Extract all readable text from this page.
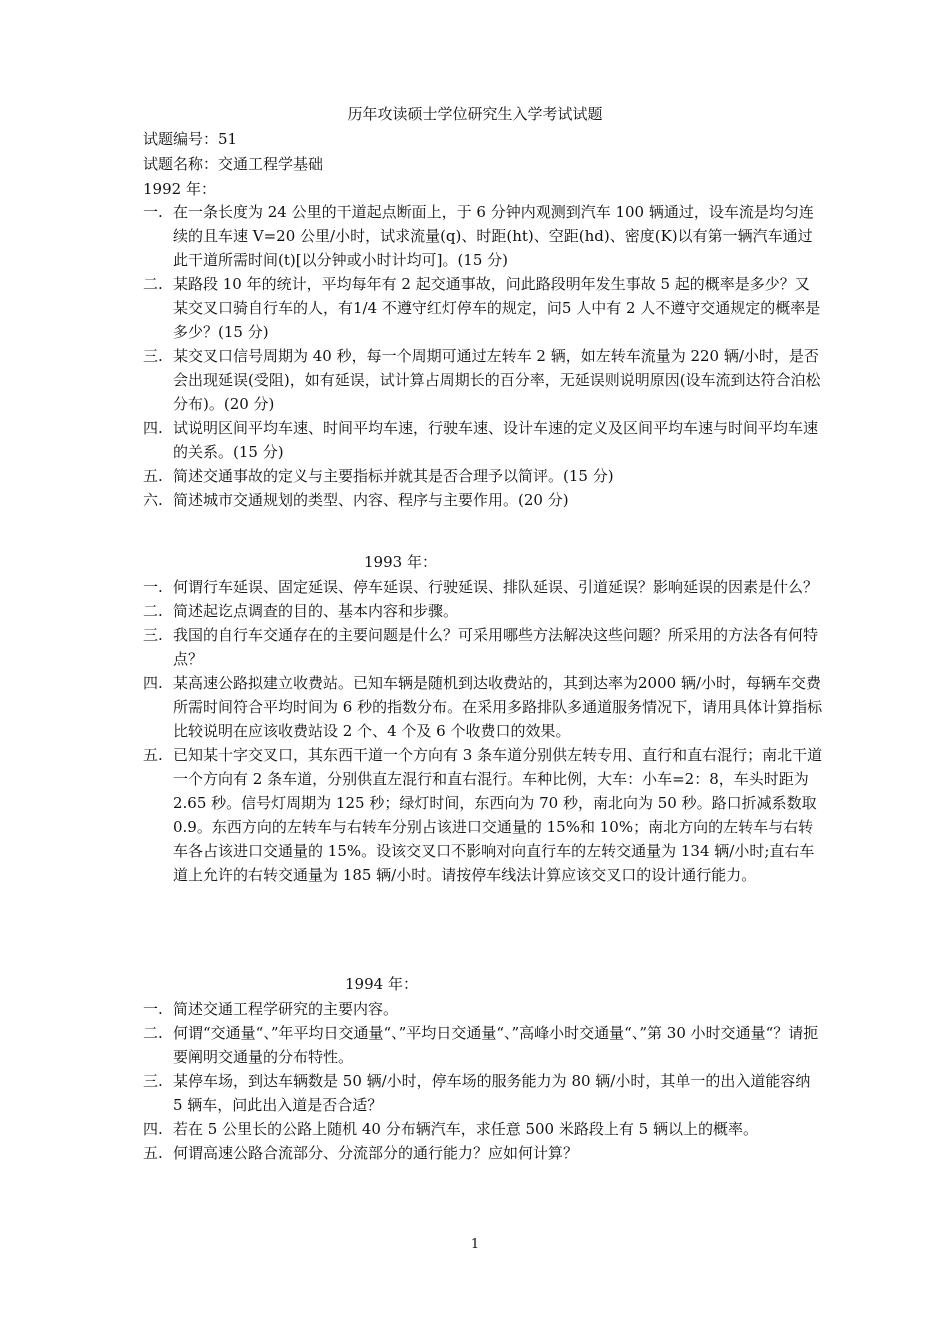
历年攻读硕士学位研究生入学考试试题
试题编号：51
试题名称：交通工程学基础
1992 年：

一. 在一条长度为 24 公里的干道起点断面上，于 6 分钟内观测到汽车 100 辆通过，设车流是均匀连续的且车速 V=20 公里/小时，试求流量(q)、时距(ht)、空距(hd)、密度(K)以有第一辆汽车通过此干道所需时间(t)[以分钟或小时计均可]。(15 分)

二. 某路段 10 年的统计，平均每年有 2 起交通事故，问此路段明年发生事故 5 起的概率是多少？又某交叉口骑自行车的人，有1/4 不遵守红灯停车的规定，问5 人中有 2 人不遵守交通规定的概率是多少？(15 分)

三. 某交叉口信号周期为 40 秒，每一个周期可通过左转车 2 辆，如左转车流量为 220 辆/小时，是否会出现延误(受阻)，如有延误，试计算占周期长的百分率，无延误则说明原因(设车流到达符合泊松分布)。(20 分)

四. 试说明区间平均车速、时间平均车速，行驶车速、设计车速的定义及区间平均车速与时间平均车速的关系。(15 分)

五. 简述交通事故的定义与主要指标并就其是否合理予以简评。(15 分)

六. 简述城市交通规划的类型、内容、程序与主要作用。(20 分)

1993 年：

一. 何谓行车延误、固定延误、停车延误、行驶延误、排队延误、引道延误？影响延误的因素是什么？

二. 简述起讫点调查的目的、基本内容和步骤。

三. 我国的自行车交通存在的主要问题是什么？可采用哪些方法解决这些问题？所采用的方法各有何特点？

四. 某高速公路拟建立收费站。已知车辆是随机到达收费站的，其到达率为2000 辆/小时，每辆车交费所需时间符合平均时间为 6 秒的指数分布。在采用多路排队多通道服务情况下，请用具体计算指标比较说明在应该收费站设 2 个、4 个及 6 个收费口的效果。

五. 已知某十字交叉口，其东西干道一个方向有 3 条车道分别供左转专用、直行和直右混行；南北干道一个方向有 2 条车道，分别供直左混行和直右混行。车种比例，大车：小车=2：8，车头时距为 2.65 秒。信号灯周期为 125 秒；绿灯时间，东西向为 70 秒，南北向为 50 秒。路口折减系数取 0.9。东西方向的左转车与右转车分别占该进口交通量的 15%和 10%；南北方向的左转车与右转车各占该进口交通量的 15%。设该交叉口不影响对向直行车的左转交通量为 134 辆/小时;直右车道上允许的右转交通量为 185 辆/小时。请按停车线法计算应该交叉口的设计通行能力。

1994 年：

一. 简述交通工程学研究的主要内容。

二. 何谓“交通量“、”年平均日交通量“、”平均日交通量“、”高峰小时交通量“、”第 30 小时交通量“？请扼要阐明交通量的分布特性。

三. 某停车场，到达车辆数是 50 辆/小时，停车场的服务能力为 80 辆/小时，其单一的出入道能容纳 5 辆车，问此出入道是否合适？

四. 若在 5 公里长的公路上随机 40 分布辆汽车，求任意 500 米路段上有 5 辆以上的概率。

五. 何谓高速公路合流部分、分流部分的通行能力？应如何计算？

1
